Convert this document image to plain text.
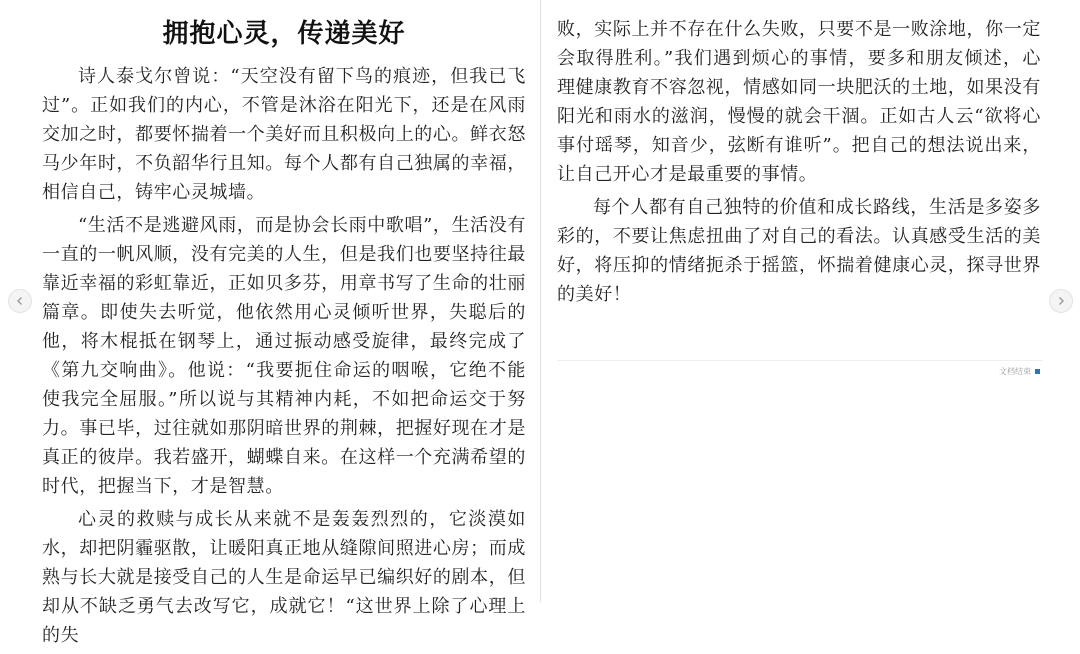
拥抱心灵，传递美好

诗人泰戈尔曾说：“天空没有留下鸟的痕迹，但我已飞过”。正如我们的内心，不管是沐浴在阳光下，还是在风雨交加之时，都要怀揣着一个美好而且积极向上的心。鲜衣怒马少年时，不负韶华行且知。每个人都有自己独属的幸福，相信自己，铸牢心灵城墙。

“生活不是逃避风雨，而是协会长雨中歌唱”，生活没有一直的一帆风顺，没有完美的人生，但是我们也要坚持往最靠近幸福的彩虹靠近，正如贝多芬，用章书写了生命的壮丽篇章。即使失去听觉，他依然用心灵倾听世界，失聪后的他，将木棍抵在钢琴上，通过振动感受旋律，最终完成了《第九交响曲》。他说：“我要扼住命运的咽喉，它绝不能使我完全屈服。”所以说与其精神内耗，不如把命运交于努力。事已毕，过往就如那阴暗世界的荆棘，把握好现在才是真正的彼岸。我若盛开，蝴蝶自来。在这样一个充满希望的时代，把握当下，才是智慧。

心灵的救赎与成长从来就不是轰轰烈烈的，它淡漠如水，却把阴霾驱散，让暖阳真正地从缝隙间照进心房；而成熟与长大就是接受自己的人生是命运早已编织好的剧本，但却从不缺乏勇气去改写它，成就它！“这世界上除了心理上的失

败，实际上并不存在什么失败，只要不是一败涂地，你一定会取得胜利。”我们遇到烦心的事情，要多和朋友倾述，心理健康教育不容忽视，情感如同一块肥沃的土地，如果没有阳光和雨水的滋润，慢慢的就会干涸。正如古人云“欲将心事付瑶琴，知音少，弦断有谁听”。把自己的想法说出来，让自己开心才是最重要的事情。

每个人都有自己独特的价值和成长路线，生活是多姿多彩的，不要让焦虑扭曲了对自己的看法。认真感受生活的美好，将压抑的情绪扼杀于摇篮，怀揣着健康心灵，探寻世界的美好！

文档结束
